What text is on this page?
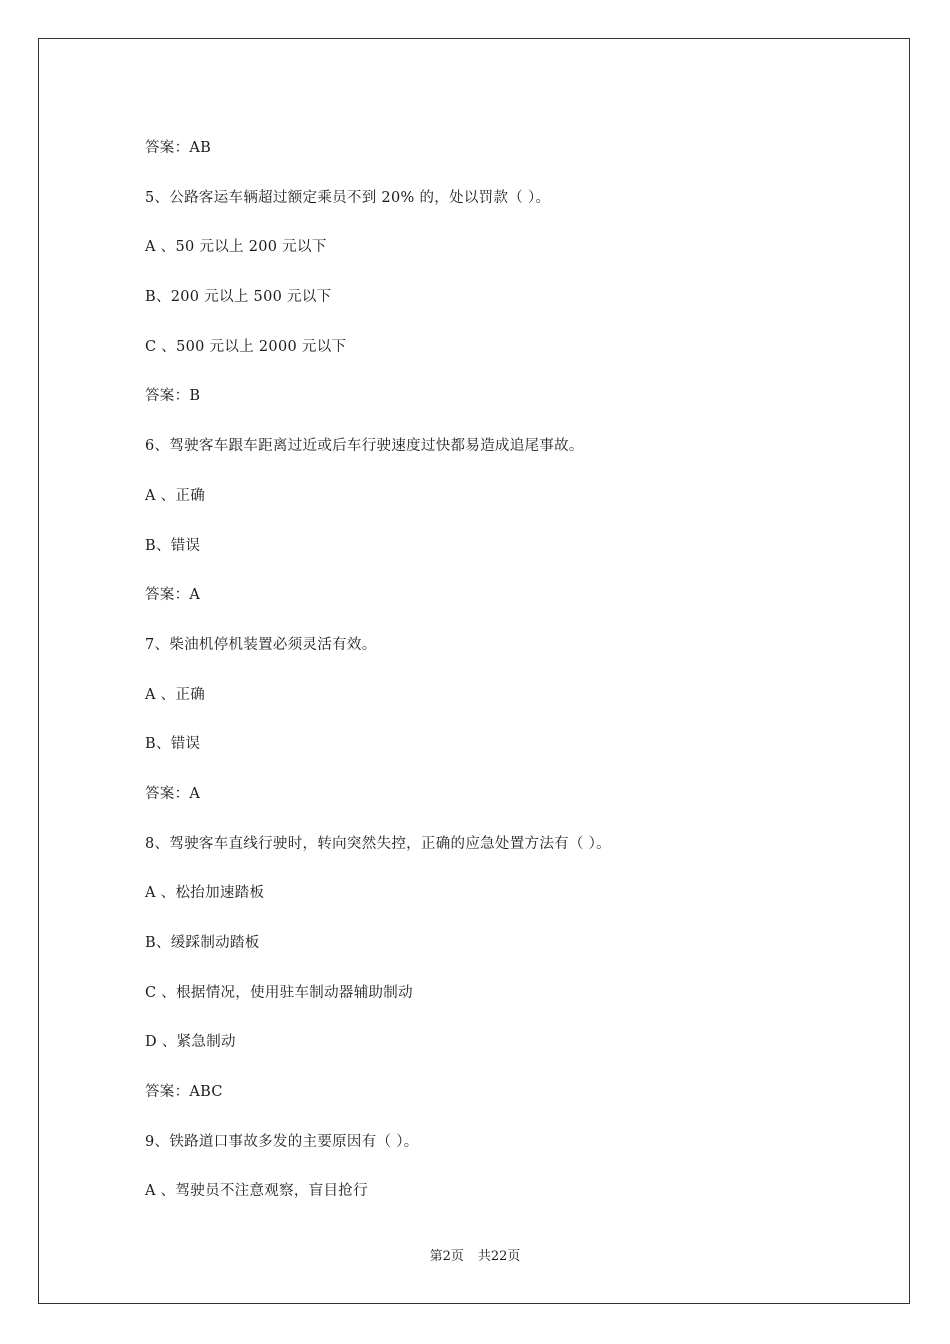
答案：AB
5、公路客运车辆超过额定乘员不到 20% 的，处以罚款（ ）。
A 、50 元以上 200 元以下
B、200 元以上 500 元以下
C 、500 元以上 2000 元以下
答案：B
6、驾驶客车跟车距离过近或后车行驶速度过快都易造成追尾事故。
A 、正确
B、错误
答案：A
7、柴油机停机装置必须灵活有效。
A 、正确
B、错误
答案：A
8、驾驶客车直线行驶时，转向突然失控，正确的应急处置方法有（ ）。
A 、松抬加速踏板
B、缓踩制动踏板
C 、根据情况，使用驻车制动器辅助制动
D 、紧急制动
答案：ABC
9、铁路道口事故多发的主要原因有（ ）。
A 、驾驶员不注意观察，盲目抢行
第2页 共22页
